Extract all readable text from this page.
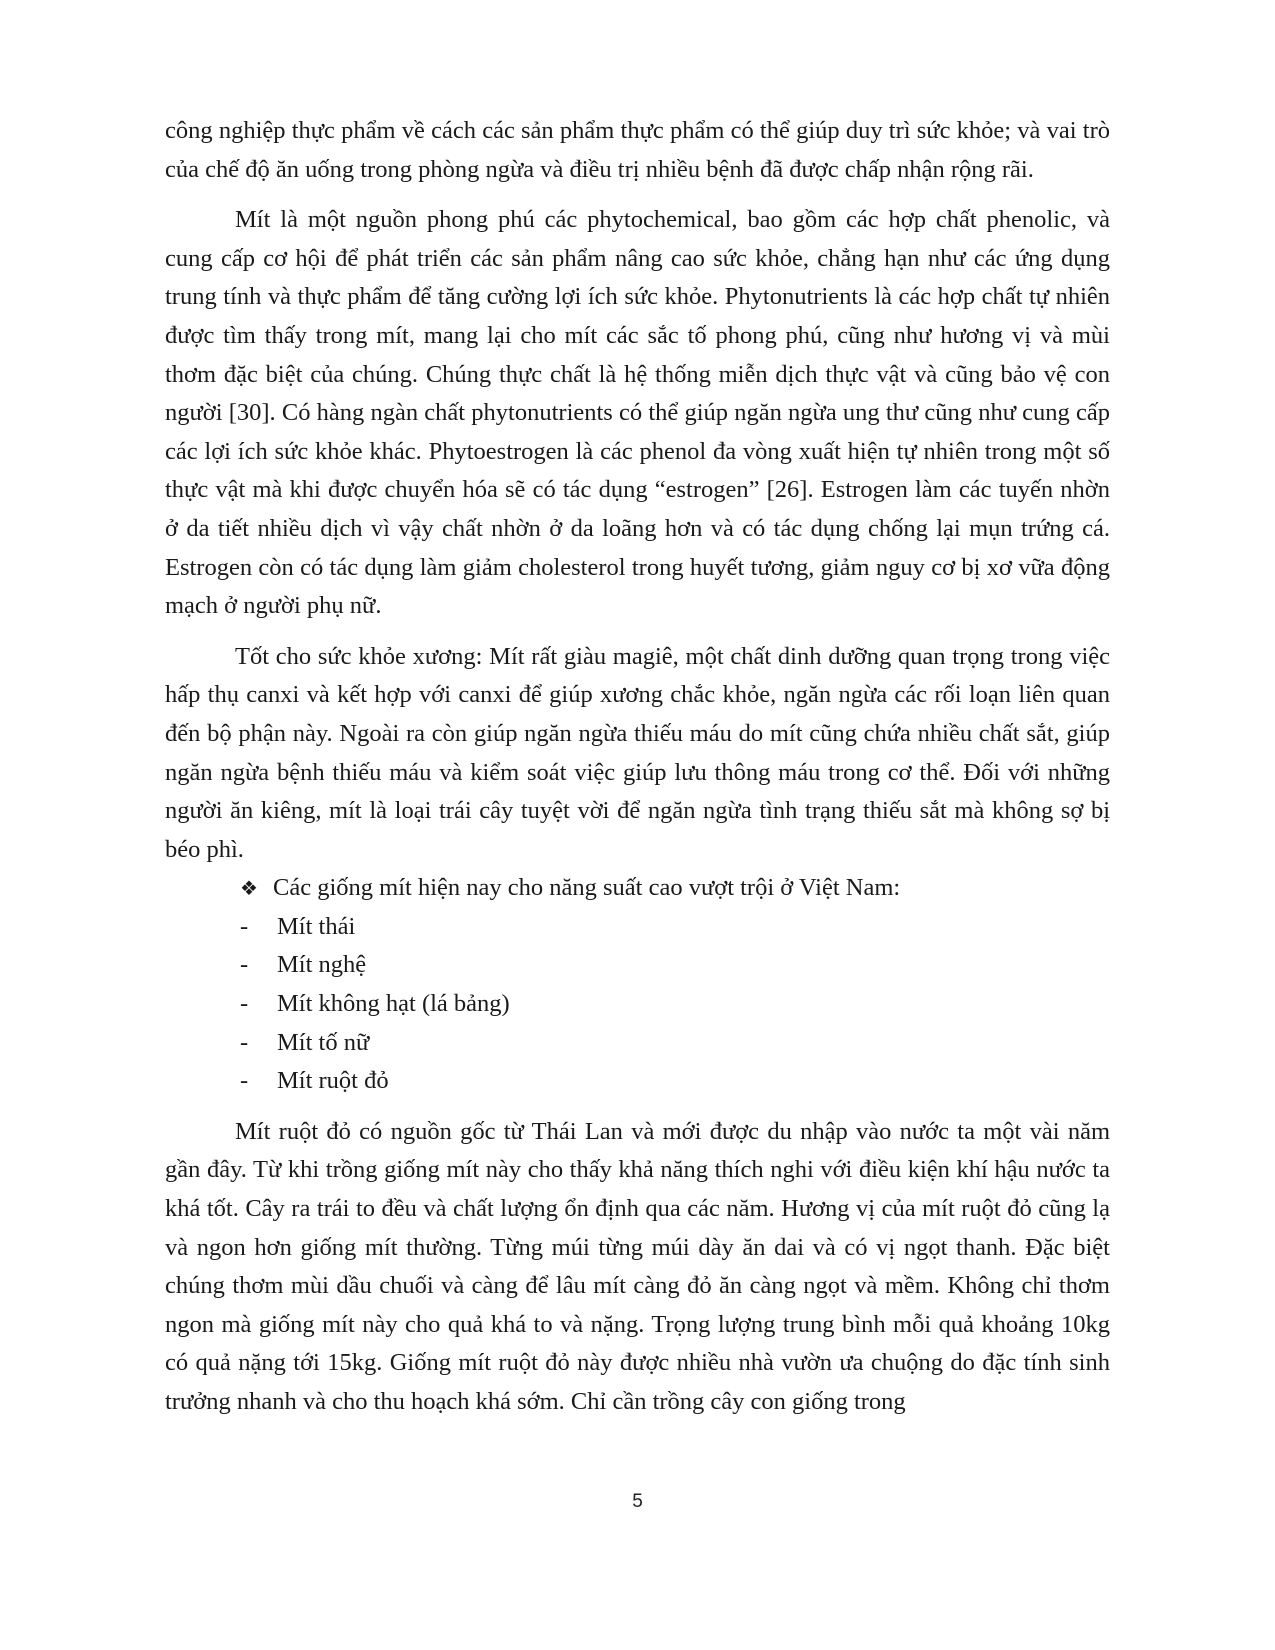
công nghiệp thực phẩm về cách các sản phẩm thực phẩm có thể giúp duy trì sức khỏe; và vai trò của chế độ ăn uống trong phòng ngừa và điều trị nhiều bệnh đã được chấp nhận rộng rãi.

Mít là một nguồn phong phú các phytochemical, bao gồm các hợp chất phenolic, và cung cấp cơ hội để phát triển các sản phẩm nâng cao sức khỏe, chẳng hạn như các ứng dụng trung tính và thực phẩm để tăng cường lợi ích sức khỏe. Phytonutrients là các hợp chất tự nhiên được tìm thấy trong mít, mang lại cho mít các sắc tố phong phú, cũng như hương vị và mùi thơm đặc biệt của chúng. Chúng thực chất là hệ thống miễn dịch thực vật và cũng bảo vệ con người [30]. Có hàng ngàn chất phytonutrients có thể giúp ngăn ngừa ung thư cũng như cung cấp các lợi ích sức khỏe khác. Phytoestrogen là các phenol đa vòng xuất hiện tự nhiên trong một số thực vật mà khi được chuyển hóa sẽ có tác dụng “estrogen” [26]. Estrogen làm các tuyến nhờn ở da tiết nhiều dịch vì vậy chất nhờn ở da loãng hơn và có tác dụng chống lại mụn trứng cá. Estrogen còn có tác dụng làm giảm cholesterol trong huyết tương, giảm nguy cơ bị xơ vữa động mạch ở người phụ nữ.

Tốt cho sức khỏe xương: Mít rất giàu magiê, một chất dinh dưỡng quan trọng trong việc hấp thụ canxi và kết hợp với canxi để giúp xương chắc khỏe, ngăn ngừa các rối loạn liên quan đến bộ phận này. Ngoài ra còn giúp ngăn ngừa thiếu máu do mít cũng chứa nhiều chất sắt, giúp ngăn ngừa bệnh thiếu máu và kiểm soát việc giúp lưu thông máu trong cơ thể. Đối với những người ăn kiêng, mít là loại trái cây tuyệt vời để ngăn ngừa tình trạng thiếu sắt mà không sợ bị béo phì.

❖ Các giống mít hiện nay cho năng suất cao vượt trội ở Việt Nam:
-	Mít thái
-	Mít nghệ
-	Mít không hạt (lá bảng)
-	Mít tố nữ
-	Mít ruột đỏ

Mít ruột đỏ có nguồn gốc từ Thái Lan và mới được du nhập vào nước ta một vài năm gần đây. Từ khi trồng giống mít này cho thấy khả năng thích nghi với điều kiện khí hậu nước ta khá tốt. Cây ra trái to đều và chất lượng ổn định qua các năm. Hương vị của mít ruột đỏ cũng lạ và ngon hơn giống mít thường. Từng múi từng múi dày ăn dai và có vị ngọt thanh. Đặc biệt chúng thơm mùi dầu chuối và càng để lâu mít càng đỏ ăn càng ngọt và mềm. Không chỉ thơm ngon mà giống mít này cho quả khá to và nặng. Trọng lượng trung bình mỗi quả khoảng 10kg có quả nặng tới 15kg. Giống mít ruột đỏ này được nhiều nhà vườn ưa chuộng do đặc tính sinh trưởng nhanh và cho thu hoạch khá sớm. Chỉ cần trồng cây con giống trong

5
